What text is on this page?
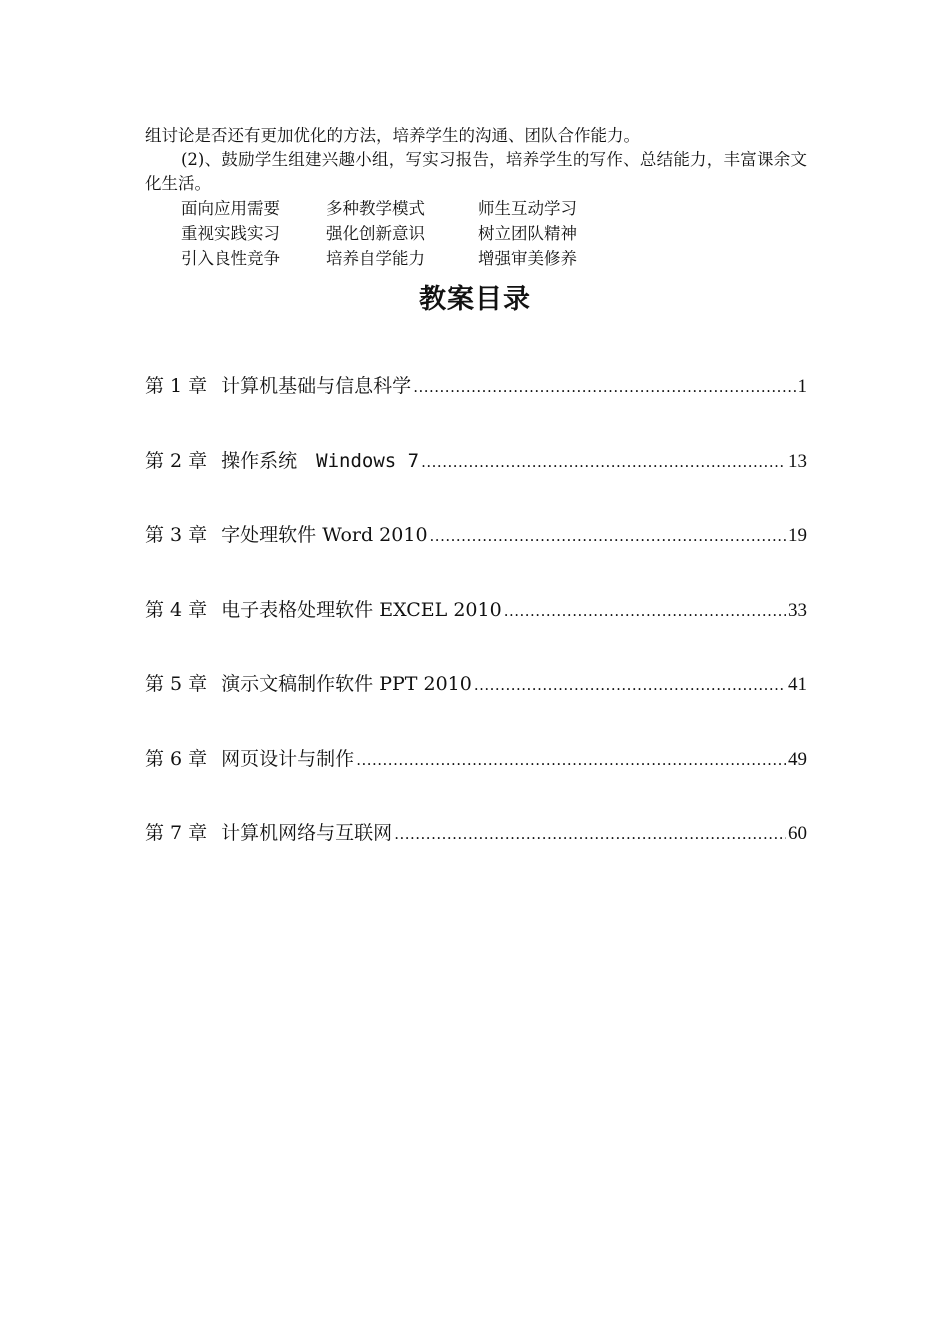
组讨论是否还有更加优化的方法，培养学生的沟通、团队合作能力。

(2)、鼓励学生组建兴趣小组，写实习报告，培养学生的写作、总结能力，丰富课余文化生活。

面向应用需要	多种教学模式	师生互动学习
重视实践实习	强化创新意识	树立团队精神
引入良性竞争	培养自学能力	增强审美修养
教案目录
第 1 章 计算机基础与信息科学 .....	1
第 2 章 操作系统　Windows 7 .....	13
第 3 章 字处理软件 Word 2010 .....	19
第 4 章 电子表格处理软件 EXCEL 2010 .....	33
第 5 章 演示文稿制作软件 PPT 2010 .....	41
第 6 章 网页设计与制作 .....	49
第 7 章 计算机网络与互联网 .....	60
